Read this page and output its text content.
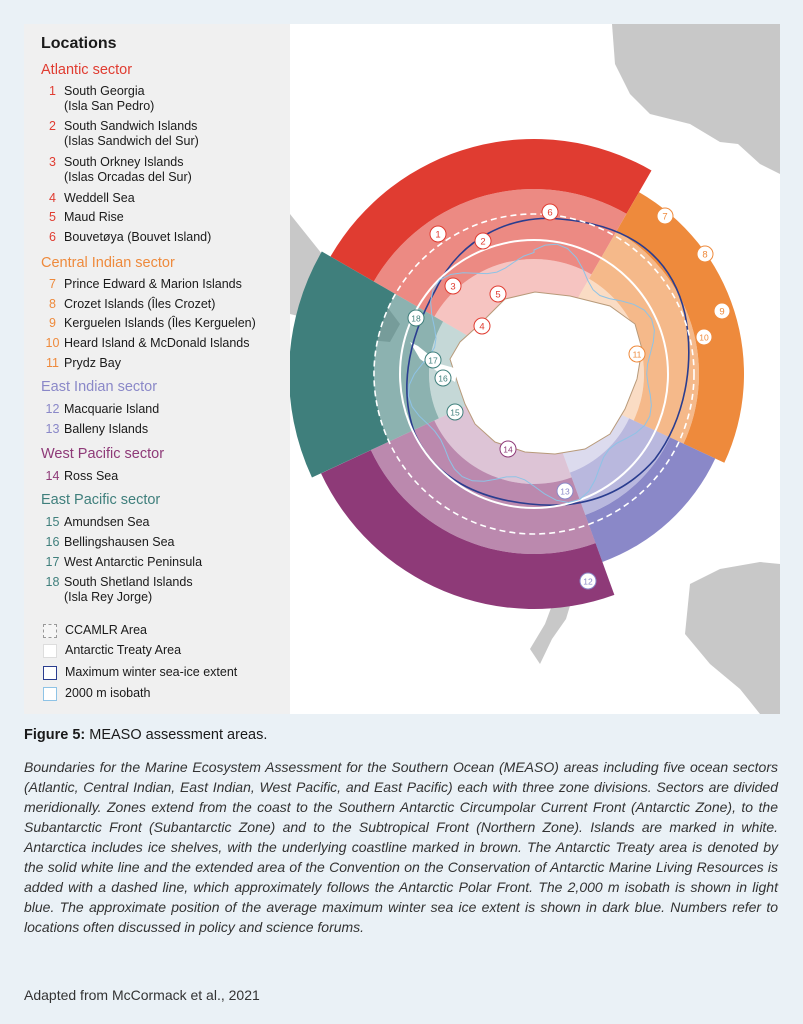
Locations
Atlantic sector
1 South Georgia
(Isla San Pedro)
2 South Sandwich Islands
(Islas Sandwich del Sur)
3 South Orkney Islands
(Islas Orcadas del Sur)
4 Weddell Sea
5 Maud Rise
6 Bouvetøya (Bouvet Island)
Central Indian sector
7 Prince Edward & Marion Islands
8 Crozet Islands (Îles Crozet)
9 Kerguelen Islands (Îles Kerguelen)
10 Heard Island & McDonald Islands
11 Prydz Bay
East Indian sector
12 Macquarie Island
13 Balleny Islands
West Pacific sector
14 Ross Sea
East Pacific sector
15 Amundsen Sea
16 Bellingshausen Sea
17 West Antarctic Peninsula
18 South Shetland Islands
(Isla Rey Jorge)
CCAMLR Area
Antarctic Treaty Area
Maximum winter sea-ice extent
2000 m isobath
1
2
3
4
5
6	7
8
9
10
11
12
13
14
15
16
17
18
Figure 5: MEASO assessment areas.
Boundaries for the Marine Ecosystem Assessment for the Southern Ocean (MEASO) areas including five ocean sectors (Atlantic, Central Indian, East Indian, West Pacific, and East Pacific) each with three zone divisions. Sectors are divided meridionally. Zones extend from the coast to the Southern Antarctic Circumpolar Current Front (Antarctic Zone), to the Subantarctic Front (Subantarctic Zone) and to the Subtropical Front (Northern Zone). Islands are marked in white. Antarctica includes ice shelves, with the underlying coastline marked in brown. The Antarctic Treaty area is denoted by the solid white line and the extended area of the Convention on the Conservation of Antarctic Marine Living Resources is added with a dashed line, which approximately follows the Antarctic Polar Front. The 2,000 m isobath is shown in light blue. The approximate position of the average maximum winter sea ice extent is shown in dark blue. Numbers refer to locations often discussed in policy and science forums.
Adapted from McCormack et al., 2021
